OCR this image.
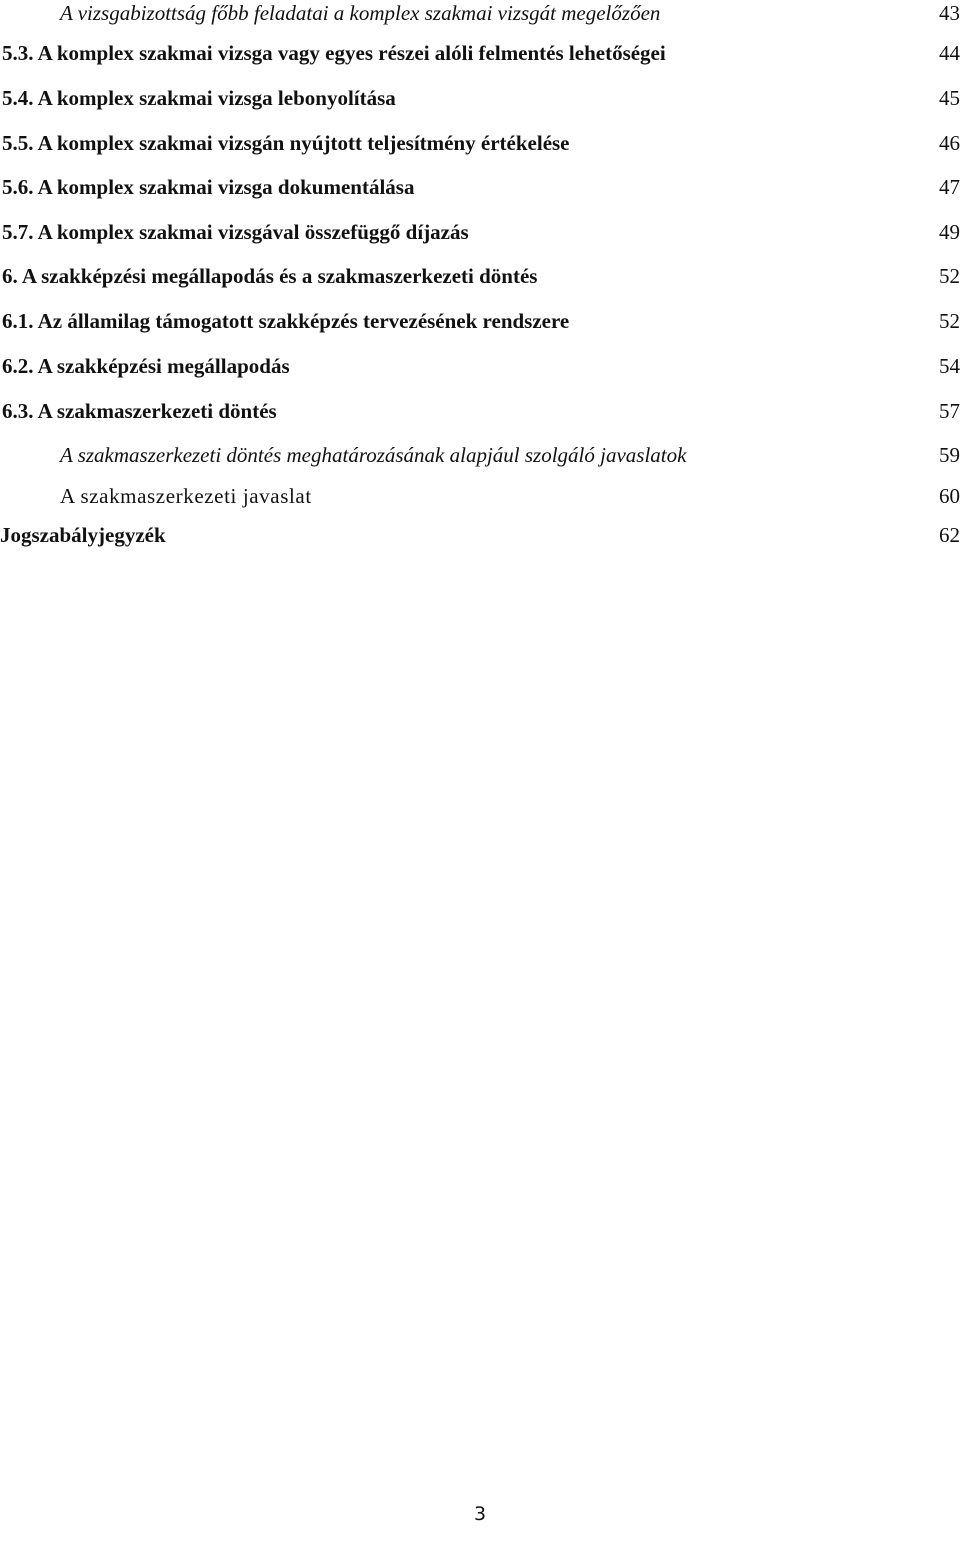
A vizsgabizottság főbb feladatai a komplex szakmai vizsgát megelőzően	43
5.3. A komplex szakmai vizsga vagy egyes részei alóli felmentés lehetőségei	44
5.4. A komplex szakmai vizsga lebonyolítása	45
5.5. A komplex szakmai vizsgán nyújtott teljesítmény értékelése	46
5.6. A komplex szakmai vizsga dokumentálása	47
5.7. A komplex szakmai vizsgával összefüggő díjazás	49
6. A szakképzési megállapodás és a szakmaszerkezeti döntés	52
6.1. Az államilag támogatott szakképzés tervezésének rendszere	52
6.2. A szakképzési megállapodás	54
6.3. A szakmaszerkezeti döntés	57
A szakmaszerkezeti döntés meghatározásának alapjául szolgáló javaslatok	59
A szakmaszerkezeti javaslat	60
Jogszabályjegyzék	62
3
